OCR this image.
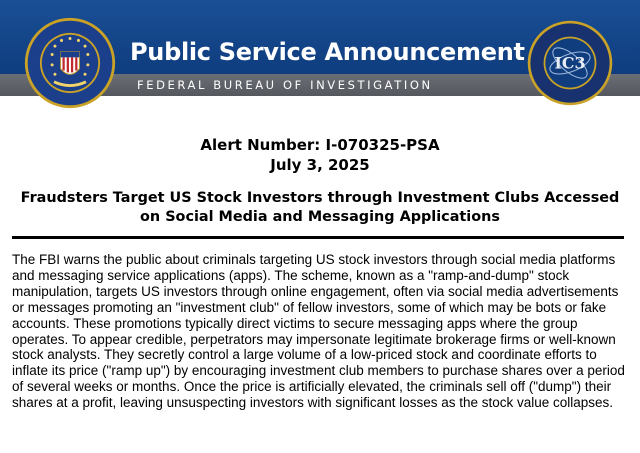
Public Service Announcement
FEDERAL BUREAU OF INVESTIGATION
IC3
Alert Number: I-070325-PSA
July 3, 2025
Fraudsters Target US Stock Investors through Investment Clubs Accessed on Social Media and Messaging Applications

The FBI warns the public about criminals targeting US stock investors through social media platforms and messaging service applications (apps). The scheme, known as a "ramp-and-dump" stock manipulation, targets US investors through online engagement, often via social media advertisements or messages promoting an "investment club" of fellow investors, some of which may be bots or fake accounts. These promotions typically direct victims to secure messaging apps where the group operates. To appear credible, perpetrators may impersonate legitimate brokerage firms or well-known stock analysts. They secretly control a large volume of a low-priced stock and coordinate efforts to inflate its price ("ramp up") by encouraging investment club members to purchase shares over a period of several weeks or months. Once the price is artificially elevated, the criminals sell off ("dump") their shares at a profit, leaving unsuspecting investors with significant losses as the stock value collapses.
